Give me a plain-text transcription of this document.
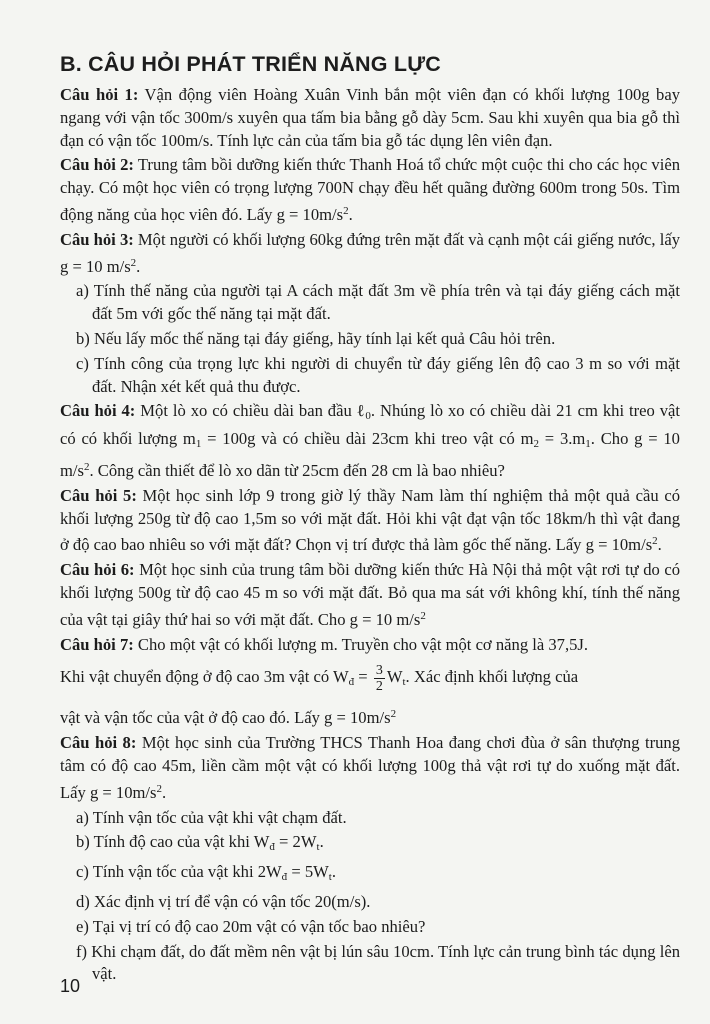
B. CÂU HỎI PHÁT TRIỂN NĂNG LỰC

Câu hỏi 1: Vận động viên Hoàng Xuân Vinh bắn một viên đạn có khối lượng 100g bay ngang với vận tốc 300m/s xuyên qua tấm bia bằng gỗ dày 5cm. Sau khi xuyên qua bia gỗ thì đạn có vận tốc 100m/s. Tính lực cản của tấm bia gỗ tác dụng lên viên đạn.

Câu hỏi 2: Trung tâm bồi dưỡng kiến thức Thanh Hoá tổ chức một cuộc thi cho các học viên chạy. Có một học viên có trọng lượng 700N chạy đều hết quãng đường 600m trong 50s. Tìm động năng của học viên đó. Lấy $g = 10m/s^2$.

Câu hỏi 3: Một người có khối lượng 60kg đứng trên mặt đất và cạnh một cái giếng nước, lấy g = 10 $m/s^2$.

a) Tính thế năng của người tại A cách mặt đất 3m về phía trên và tại đáy giếng cách mặt đất 5m với gốc thế năng tại mặt đất.

b) Nếu lấy mốc thế năng tại đáy giếng, hãy tính lại kết quả Câu hỏi trên.

c) Tính công của trọng lực khi người di chuyển từ đáy giếng lên độ cao 3 m so với mặt đất. Nhận xét kết quả thu được.

Câu hỏi 4: Một lò xo có chiều dài ban đầu ℓ$_0$. Nhúng lò xo có chiều dài 21 cm khi treo vật có có khối lượng $m_1 = 100g$ và có chiều dài 23cm khi treo vật có $m_2 = 3.m_1$. Cho g = 10 $m/s^2$. Công cần thiết để lò xo dãn từ 25cm đến 28 cm là bao nhiêu?

Câu hỏi 5: Một học sinh lớp 9 trong giờ lý thầy Nam làm thí nghiệm thả một quả cầu có khối lượng 250g từ độ cao 1,5m so với mặt đất. Hỏi khi vật đạt vận tốc 18km/h thì vật đang ở độ cao bao nhiêu so với mặt đất? Chọn vị trí được thả làm gốc thế năng. Lấy $g = 10m/s^2$.

Câu hỏi 6: Một học sinh của trung tâm bồi dưỡng kiến thức Hà Nội thả một vật rơi tự do có khối lượng 500g từ độ cao 45 m so với mặt đất. Bỏ qua ma sát với không khí, tính thế năng của vật tại giây thứ hai so với mặt đất. Cho g = 10 $m/s^2$

Câu hỏi 7: Cho một vật có khối lượng m. Truyền cho vật một cơ năng là 37,5J.

Khi vật chuyển động ở độ cao 3m vật có $W_đ = \frac{3}{2} W_t$. Xác định khối lượng của

vật và vận tốc của vật ở độ cao đó. Lấy $g = 10m/s^2$

Câu hỏi 8: Một học sinh của Trường THCS Thanh Hoa đang chơi đùa ở sân thượng trung tâm có độ cao 45m, liền cầm một vật có khối lượng 100g thả vật rơi tự do xuống mặt đất. Lấy $g = 10m/s^2$.

a) Tính vận tốc của vật khi vật chạm đất.

b) Tính độ cao của vật khi $W_đ = 2W_t$.

c) Tính vận tốc của vật khi $2W_đ = 5W_t$.

d) Xác định vị trí để vận có vận tốc 20(m/s).

e) Tại vị trí có độ cao 20m vật có vận tốc bao nhiêu?

f) Khi chạm đất, do đất mềm nên vật bị lún sâu 10cm. Tính lực cản trung bình tác dụng lên vật.

10
